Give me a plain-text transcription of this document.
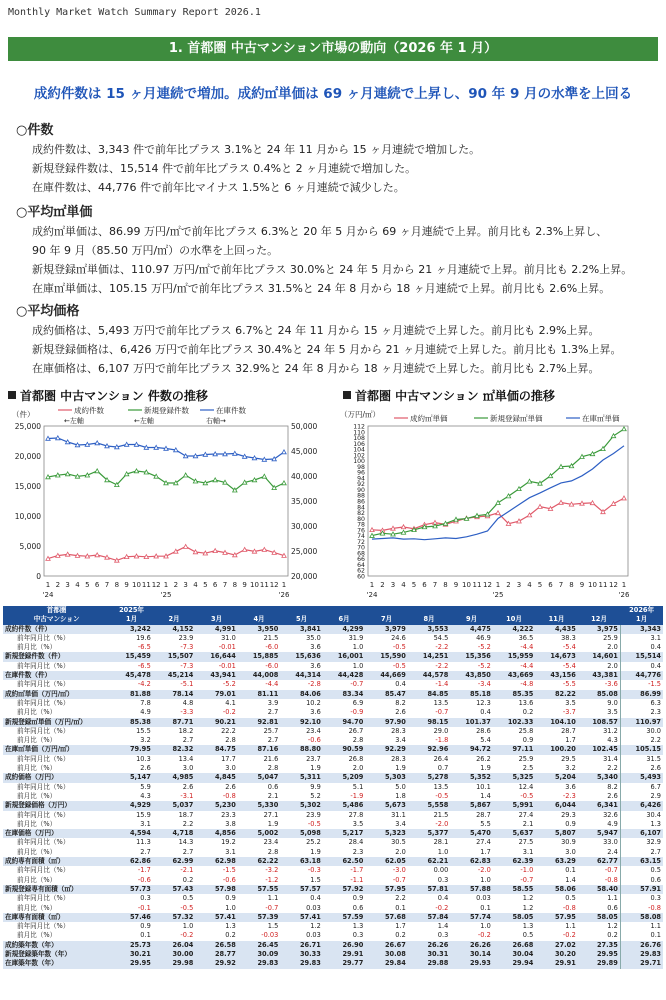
Monthly Market Watch Summary Report 2026.1
1. 首都圏 中古マンション市場の動向（2026 年 1 月）
成約件数は 15 ヶ月連続で増加。成約㎡単価は 69 ヶ月連続で上昇し、90 年 9 月の水準を上回る
○件数
成約件数は、3,343 件で前年比プラス 3.1%と 24 年 11 月から 15 ヶ月連続で増加した。
新規登録件数は、15,514 件で前年比プラス 0.4%と 2 ヶ月連続で増加した。
在庫件数は、44,776 件で前年比マイナス 1.5%と 6 ヶ月連続で減少した。
○平均㎡単価
成約㎡単価は、86.99 万円/㎡で前年比プラス 6.3%と 20 年 5 月から 69 ヶ月連続で上昇。前月比も 2.3%上昇し、
90 年 9 月（85.50 万円/㎡）の水準を上回った。
新規登録㎡単価は、110.97 万円/㎡で前年比プラス 30.0%と 24 年 5 月から 21 ヶ月連続で上昇。前月比も 2.2%上昇。
在庫㎡単価は、105.15 万円/㎡で前年比プラス 31.5%と 24 年 8 月から 18 ヶ月連続で上昇。前月比も 2.6%上昇。
○平均価格
成約価格は、5,493 万円で前年比プラス 6.7%と 24 年 11 月から 15 ヶ月連続で上昇した。前月比も 2.9%上昇。
新規登録価格は、6,426 万円で前年比プラス 30.4%と 24 年 5 月から 21 ヶ月連続で上昇した。前月比も 1.3%上昇。
在庫価格は、6,107 万円で前年比プラス 32.9%と 24 年 8 月から 18 ヶ月連続で上昇した。前月比も 2.7%上昇。
首都圏 中古マンション 件数の推移	首都圏 中古マンション ㎡単価の推移
0
5,000
10,000
15,000
20,000
25,000
20,000
25,000
30,000
35,000
40,000
45,000
50,000
（件）
1 2 3 4 5 6 7 8 9 10 11 12 1 2 3 4 5 6 7 8 9 10 11 12 1
'24	'25	'26
成約件数
←左軸
新規登録件数
←左軸
在庫件数
右軸→
60
62
64
66
68
70
72
74
76
78
80
82
84
86
88
90
92
94
96
98
100
102
104
106
108
110
112
（万円/㎡）
1 2 3 4 5 6 7 8 9 10 11 12 1 2 3 4 5 6 7 8 9 10 11 12 1
'24	'25	'26
成約㎡単価	新規登録㎡単価	在庫㎡単価
首都圏	2025年												2026年
中古マンション	1月	2月	3月	4月	5月	6月	7月	8月	9月	10月	11月	12月	1月
成約件数（件）	3,242	4,152	4,991	3,950	3,841	4,299	3,979	3,553	4,475	4,222	4,435	3,975	3,343
前年同月比（%）	19.6	23.9	31.0	21.5	35.0	31.9	24.6	54.5	46.9	36.5	38.3	25.9	3.1
前月比（%）	-6.5	-7.3	-0.01	-6.0	3.6	1.0	-0.5	-2.2	-5.2	-4.4	-5.4	2.0	0.4
新規登録件数（件）	15,459	15,507	16,644	15,885	15,636	16,001	15,590	14,251	15,356	15,959	14,673	14,601	15,514
前年同月比（%）	-6.5	-7.3	-0.01	-6.0	3.6	1.0	-0.5	-2.2	-5.2	-4.4	-5.4	2.0	0.4
在庫件数（件）	45,478	45,214	43,941	44,008	44,314	44,428	44,669	44,578	43,850	43,669	43,156	43,381	44,776
前年同月比（%）	-4.2	-5.1	-5.2	-4.4	-2.8	-0.7	0.4	-1.4	-3.4	-4.8	-5.5	-3.6	-1.5
成約㎡単価（万円/㎡）	81.88	78.14	79.01	81.11	84.06	83.34	85.47	84.85	85.18	85.35	82.22	85.08	86.99
前年同月比（%）	7.8	4.8	4.1	3.9	10.2	6.9	8.2	13.5	12.3	13.6	3.5	9.0	6.3
前月比（%）	4.9	-3.3	-0.2	2.7	3.6	-0.9	2.6	-0.7	0.4	0.2	-3.7	3.5	2.3
新規登録㎡単価（万円/㎡）	85.38	87.71	90.21	92.81	92.10	94.70	97.90	98.15	101.37	102.33	104.10	108.57	110.97
前年同月比（%）	15.5	18.2	22.2	25.7	23.4	26.7	28.3	29.0	28.6	25.8	28.7	31.2	30.0
前月比（%）	3.2	2.7	2.8	2.7	-0.6	2.8	3.4	-1.8	5.4	0.9	1.7	4.3	2.2
在庫㎡単価（万円/㎡）	79.95	82.32	84.75	87.16	88.80	90.59	92.29	92.96	94.72	97.11	100.20	102.45	105.15
前年同月比（%）	10.3	13.4	17.7	21.6	23.7	26.8	28.3	26.4	26.2	25.9	29.5	31.4	31.5
前月比（%）	2.6	3.0	3.0	2.8	1.9	2.0	1.9	0.7	1.9	2.5	3.2	2.2	2.6
成約価格（万円）	5,147	4,985	4,845	5,047	5,311	5,209	5,303	5,278	5,352	5,325	5,204	5,340	5,493
前年同月比（%）	5.9	2.6	2.6	0.6	9.9	5.1	5.0	13.5	10.1	12.4	3.6	8.2	6.7
前月比（%）	4.3	-3.1	-0.8	2.1	5.2	-1.9	1.8	-0.5	1.4	-0.5	-2.3	2.6	2.9
新規登録価格（万円）	4,929	5,037	5,230	5,330	5,302	5,486	5,673	5,558	5,867	5,991	6,044	6,341	6,426
前年同月比（%）	15.9	18.7	23.3	27.1	23.9	27.8	31.1	21.5	28.7	27.4	29.3	32.6	30.4
前月比（%）	3.1	2.2	3.8	1.9	-0.5	3.5	3.4	-2.0	5.5	2.1	0.9	4.9	1.3
在庫価格（万円）	4,594	4,718	4,856	5,002	5,098	5,217	5,323	5,377	5,470	5,637	5,807	5,947	6,107
前年同月比（%）	11.3	14.3	19.2	23.4	25.2	28.4	30.5	28.1	27.4	27.5	30.9	33.0	32.9
前月比（%）	2.7	2.7	3.1	2.8	1.9	2.3	2.0	1.0	1.7	3.1	3.0	2.4	2.7
成約専有面積（㎡）	62.86	62.99	62.98	62.22	63.18	62.50	62.05	62.21	62.83	62.39	63.29	62.77	63.15
前年同月比（%）	-1.7	-2.1	-1.5	-3.2	-0.3	-1.7	-3.0	0.00	-2.0	-1.0	0.1	-0.7	0.5
前月比（%）	-0.6	0.2	-0.6	-1.2	1.5	-1.1	-0.7	0.3	1.0	-0.7	1.4	-0.8	0.6
新規登録専有面積（㎡）	57.73	57.43	57.98	57.55	57.57	57.92	57.95	57.81	57.88	58.55	58.06	58.40	57.91
前年同月比（%）	0.3	0.5	0.9	1.1	0.4	0.9	2.2	0.4	0.03	1.2	0.5	1.1	0.3
前月比（%）	-0.1	-0.5	1.0	-0.7	0.03	0.6	0.1	-0.2	0.1	1.2	-0.8	0.6	-0.8
在庫専有面積（㎡）	57.46	57.32	57.41	57.39	57.41	57.59	57.68	57.84	57.74	58.05	57.95	58.05	58.08
前年同月比（%）	0.9	1.0	1.3	1.5	1.2	1.3	1.7	1.4	1.0	1.3	1.1	1.2	1.1
前月比（%）	0.1	-0.2	0.2	-0.03	0.03	0.3	0.2	0.3	-0.2	0.5	-0.2	0.2	0.1
成約築年数（年）	25.73	26.04	26.58	26.45	26.71	26.90	26.67	26.26	26.26	26.68	27.02	27.35	26.76
新規登録築年数（年）	30.21	30.00	28.77	30.09	30.33	29.91	30.08	30.31	30.14	30.04	30.20	29.95	29.83
在庫築年数（年）	29.95	29.98	29.92	29.83	29.83	29.77	29.84	29.88	29.93	29.94	29.91	29.89	29.71
